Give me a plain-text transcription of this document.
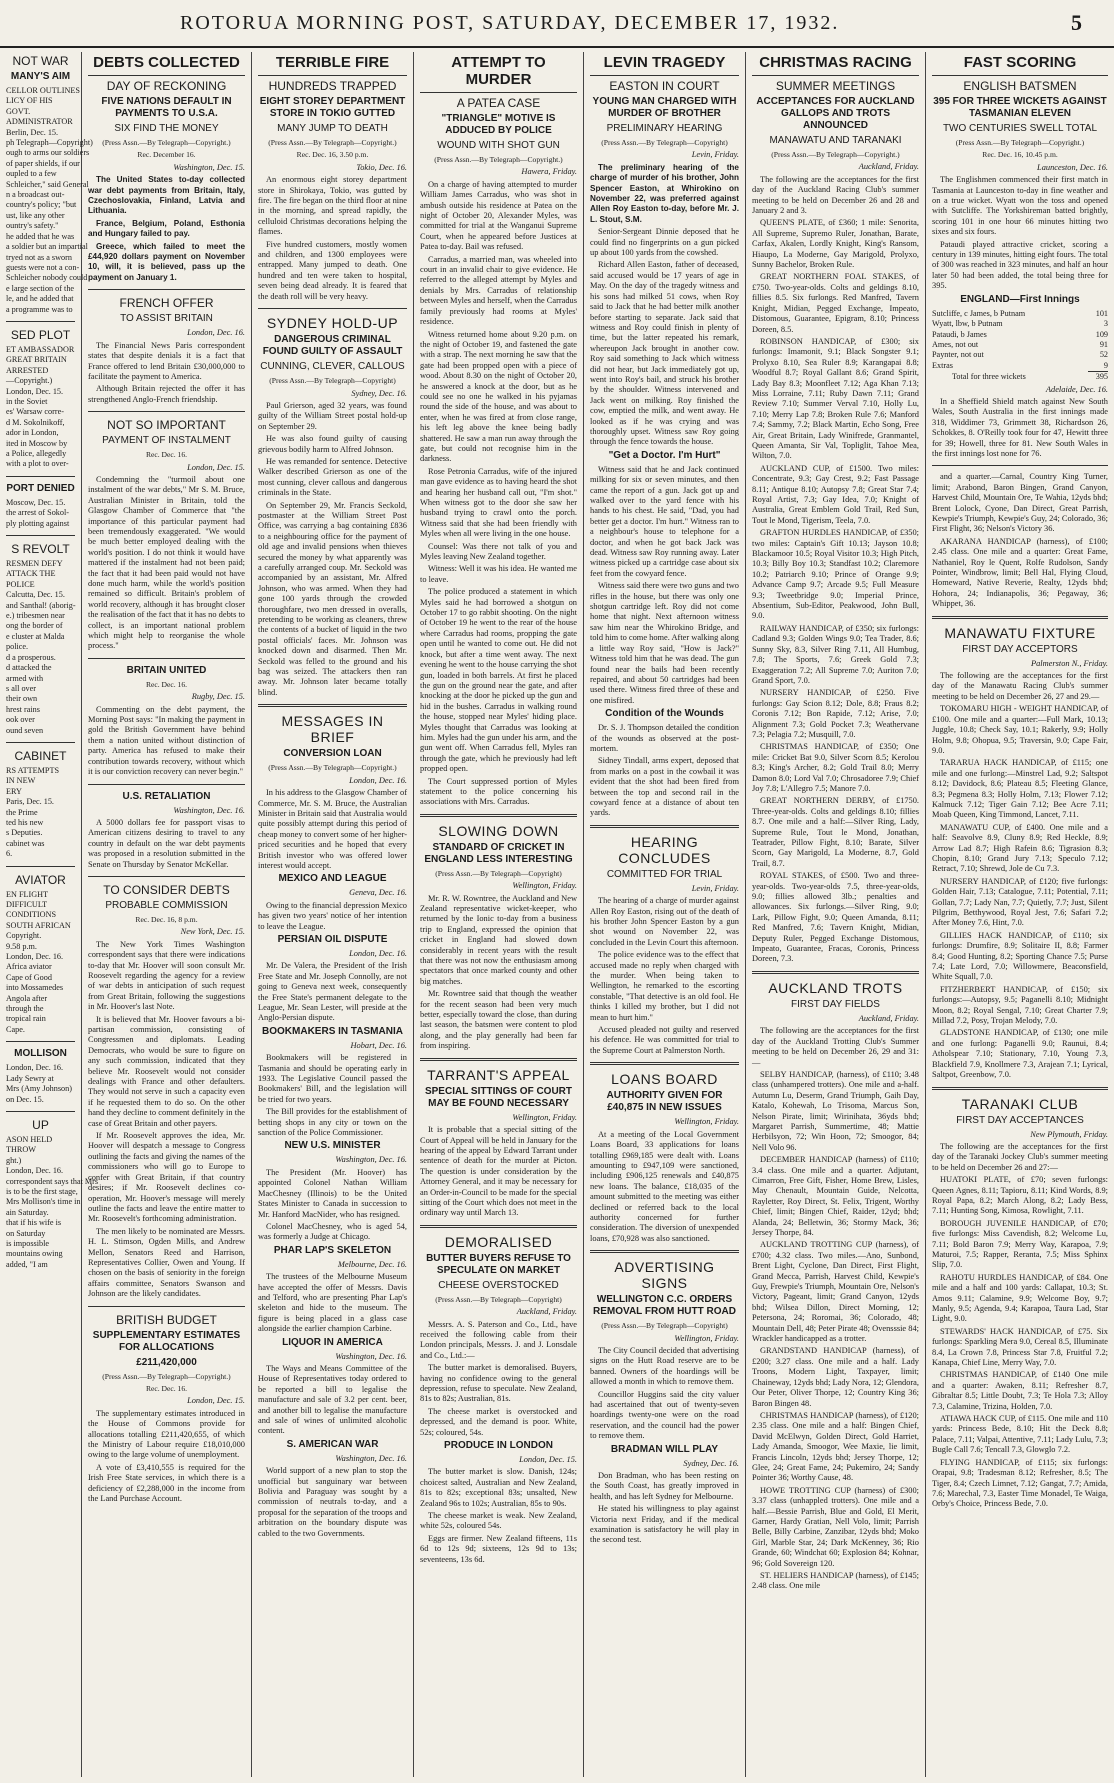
ROTORUA MORNING POST, SATURDAY, DECEMBER 17, 1932.	5
NOT WAR
MANY'S AIM
CELLOR OUTLINES
LICY OF HIS
GOVT.
ADMINISTRATOR
Berlin, Dec. 15.
ph Telegraph—Copyright)
ough to arms our soldiers
of paper shields, if our
oupled to a few
Schleicher," said General
n a broadcast out-
country's policy; "but
ust, like any other
ountry's safety."
he added that he was
a soldier but an impartial
tryed not as a sworn
guests were not a con-
Schleicher nobody could
e large section of the
le, and he added that
a programme was to
SED PLOT
ET AMBASSADOR
GREAT BRITAIN
ARRESTED
—Copyright.)
London, Dec. 15.
in the Soviet
es' Warsaw corre-
d M. Sokolnikoff,
ador in London,
ited in Moscow by
a Police, allegedly
with a plot to over-
PORT DENIED
Moscow, Dec. 15.
the arrest of Sokol-
ply plotting against
S REVOLT
RESMEN DEFY
ATTACK THE
POLICE
Calcutta, Dec. 15.
and Santhal! (aborig-
e.) tribesmen near
ong the border of
e cluster at Malda
police.
d a prosperous.
d attacked the
armed with
s all over
their own
hrest rains
ook over
ound seven
CABINET
RS ATTEMPTS
IN NEW
ERY
Paris, Dec. 15.
the Prime
ted his new
s Deputies.
cabinet was
6.
AVIATOR
EN FLIGHT
DIFFICULT
CONDITIONS
SOUTH AFRICAN
Copyright.
9.58 p.m.
London, Dec. 16.
Africa aviator
Cape of Good
into Mossamedes
Angola after
through the
tropical rain
Cape.
MOLLISON
London, Dec. 16.
Lady Sewry at
Mrs (Amy Johnson)
on Dec. 15.
UP
ASON HELD
THROW
ght.)
London, Dec. 16.
correspondent says that Mrs
is to be the first stage,
Mrs Mollison's time in
ain Saturday.
that if his wife is
on Saturday
is impossible
mountains owing
added, "I am
DEBTS COLLECTED
DAY OF RECKONING
FIVE NATIONS DEFAULT IN PAYMENTS TO U.S.A.
SIX FIND THE MONEY
(Press Assn.—By Telegraph—Copyright.)
Rec. December 16.
Washington, Dec. 15.

The United States to-day collected war debt payments from Britain, Italy, Czechoslovakia, Finland, Latvia and Lithuania.

France, Belgium, Poland, Esthonia and Hungary failed to pay.

Greece, which failed to meet the £44,920 dollars payment on November 10, will, it is believed, pass up the payment on January 1.

FRENCH OFFER
TO ASSIST BRITAIN
London, Dec. 16.

The Financial News Paris correspondent states that despite denials it is a fact that France offered to lend Britain £30,000,000 to facilitate the payment to America.

Although Britain rejected the offer it has strengthened Anglo-French friendship.

NOT SO IMPORTANT
PAYMENT OF INSTALMENT
Rec. Dec. 16.
London, Dec. 15.

Condemning the "turmoil about one instalment of the war debts," Mr S. M. Bruce, Australian Minister in Britain, told the Glasgow Chamber of Commerce that "the importance of this particular payment had been tremendously exaggerated. "We would be much better employed dealing with the world's position. I do not think it would have mattered if the instalment had not been paid; the fact that it had been paid would not have done much harm, while the world's position remained so difficult. Britain's problem of world recovery, although it has brought closer the realisation of the fact that it has no debts to collect, is an important national problem which might help to reorganise the whole process."

BRITAIN UNITED
Rec. Dec. 16.
Rugby, Dec. 15.

Commenting on the debt payment, the Morning Post says: "In making the payment in gold the British Government have behind them a nation united without distinction of party. America has refused to make their contribution towards recovery, without which it is our conviction recovery can never begin."

U.S. RETALIATION
Washington, Dec. 16.

A 5000 dollars fee for passport visas to American citizens desiring to travel to any country in default on the war debt payments was proposed in a resolution submitted in the Senate on Thursday by Senator McKellar.

TO CONSIDER DEBTS
PROBABLE COMMISSION
Rec. Dec. 16, 8 p.m.
New York, Dec. 15.

The New York Times Washington correspondent says that there were indications to-day that Mr. Hoover will soon consult Mr. Roosevelt regarding the agency for a review of war debts in anticipation of such request from Great Britain, following the suggestions in Mr. Hoover's last Note.

It is believed that Mr. Hoover favours a bi-partisan commission, consisting of Congressmen and diplomats. Leading Democrats, who would be sure to figure on any such commission, indicated that they believe Mr. Roosevelt would not consider dealings with France and other defaulters. They would not serve in such a capacity even if he requested them to do so. On the other hand they decline to comment definitely in the case of Great Britain and other payers.

If Mr. Roosevelt approves the idea, Mr. Hoover will despatch a message to Congress outlining the facts and giving the names of the commissioners who will go to Europe to confer with Great Britain, if that country desires; if Mr. Roosevelt declines co-operation, Mr. Hoover's message will merely outline the facts and leave the entire matter to Mr. Roosevelt's forthcoming administration.

The men likely to be nominated are Messrs. H. L. Stimson, Ogden Mills, and Andrew Mellon, Senators Reed and Harrison, Representatives Collier, Owen and Young. If chosen on the basis of seniority in the foreign affairs committee, Senators Swanson and Johnson are the likely candidates.

BRITISH BUDGET
SUPPLEMENTARY ESTIMATES FOR ALLOCATIONS
£211,420,000
(Press Assn.—By Telegraph—Copyright.)
Rec. Dec. 16.
London, Dec. 15.

The supplementary estimates introduced in the House of Commons provide for allocations totalling £211,420,655, of which the Ministry of Labour require £18,010,000 owing to the large volume of unemployment.

A vote of £3,410,555 is required for the Irish Free State services, in which there is a deficiency of £2,288,000 in the income from the Land Purchase Account.

TERRIBLE FIRE
HUNDREDS TRAPPED
EIGHT STOREY DEPARTMENT STORE IN TOKIO GUTTED
MANY JUMP TO DEATH
(Press Assn.—By Telegraph—Copyright.)
Rec. Dec. 16, 3.50 p.m.
Tokio, Dec. 16.

An enormous eight storey department store in Shirokaya, Tokio, was gutted by fire. The fire began on the third floor at nine in the morning, and spread rapidly, the celluloid Christmas decorations helping the flames.

Five hundred customers, mostly women and children, and 1300 employees were entrapped. Many jumped to death. One hundred and ten were taken to hospital, seven being dead already. It is feared that the death roll will be very heavy.

SYDNEY HOLD-UP
DANGEROUS CRIMINAL FOUND GUILTY OF ASSAULT
CUNNING, CLEVER, CALLOUS
(Press Assn.—By Telegraph—Copyright)
Sydney, Dec. 16.

Paul Grierson, aged 32 years, was found guilty of the William Street postal hold-up on September 29.

He was also found guilty of causing grievous bodily harm to Alfred Johnson.

He was remanded for sentence. Detective Walker described Grierson as one of the most cunning, clever callous and dangerous criminals in the State.

On September 29, Mr. Francis Seckold, postmaster at the William Street Post Office, was carrying a bag containing £836 to a neighbouring office for the payment of old age and invalid pensions when thieves secured the money by what apparently was a carefully arranged coup. Mr. Seckold was accompanied by an assistant, Mr. Alfred Johnson, who was armed. When they had gone 100 yards through the crowded thoroughfare, two men dressed in overalls, pretending to be working as cleaners, threw the contents of a bucket of liquid in the two postal officials' faces. Mr. Johnson was knocked down and disarmed. Then Mr. Seckold was felled to the ground and his bag was seized. The attackers then ran away. Mr. Johnson later became totally blind.

MESSAGES IN BRIEF
CONVERSION LOAN
(Press Assn.—By Telegraph—Copyright.)
London, Dec. 16.

In his address to the Glasgow Chamber of Commerce, Mr. S. M. Bruce, the Australian Minister in Britain said that Australia would quite possibly attempt during this period of cheap money to convert some of her higher-priced securities and he hoped that every British investor who was offered lower interest would accept.

MEXICO AND LEAGUE
Geneva, Dec. 16.

Owing to the financial depression Mexico has given two years' notice of her intention to leave the League.

PERSIAN OIL DISPUTE
London, Dec. 16.

Mr. De Valera, the President of the Irish Free State and Mr. Joseph Connolly, are not going to Geneva next week, consequently the Free State's permanent delegate to the League, Mr. Sean Lester, will preside at the Anglo-Persian dispute.

BOOKMAKERS IN TASMANIA
Hobart, Dec. 16.

Bookmakers will be registered in Tasmania and should be operating early in 1933. The Legislative Council passed the Bookmakers' Bill, and the legislation will be tried for two years.

The Bill provides for the establishment of betting shops in any city or town on the sanction of the Police Commissioner.

NEW U.S. MINISTER
Washington, Dec. 16.

The President (Mr. Hoover) has appointed Colonel Nathan William MacChesney (Illinois) to be the United States Minister to Canada in succession to Mr. Hanford MacNider, who has resigned.

Colonel MacChesney, who is aged 54, was formerly a Judge at Chicago.

PHAR LAP'S SKELETON
Melbourne, Dec. 16.

The trustees of the Melbourne Museum have accepted the offer of Messrs. Davis and Telford, who are presenting Phar Lap's skeleton and hide to the museum. The figure is being placed in a glass case alongside the earlier champion Carbine.

LIQUOR IN AMERICA
Washington, Dec. 16.

The Ways and Means Committee of the House of Representatives today ordered to be reported a bill to legalise the manufacture and sale of 3.2 per cent. beer, and another bill to legalise the manufacture and sale of wines of unlimited alcoholic content.

S. AMERICAN WAR
Washington, Dec. 16.

World support of a new plan to stop the unofficial but sanguinary war between Bolivia and Paraguay was sought by a commission of neutrals to-day, and a proposal for the separation of the troops and arbitration on the boundary dispute was cabled to the two Governments.

ATTEMPT TO MURDER
A PATEA CASE
"TRIANGLE" MOTIVE IS ADDUCED BY POLICE
WOUND WITH SHOT GUN
(Press Assn.—By Telegraph—Copyright.)
Hawera, Friday.

On a charge of having attempted to murder William James Carradus, who was shot in ambush outside his residence at Patea on the night of October 20, Alexander Myles, was committed for trial at the Wanganui Supreme Court, when he appeared before Justices at Patea to-day. Bail was refused.

Carradus, a married man, was wheeled into court in an invalid chair to give evidence. He referred to the alleged attempt by Myles and denials by Mrs. Carradus of relationship between Myles and herself, when the Carradus family previously had rooms at Myles' residence.

Witness returned home about 9.20 p.m. on the night of October 19, and fastened the gate with a strap. The next morning he saw that the gate had been propped open with a piece of wood. About 8.30 on the night of October 20, he answered a knock at the door, but as he could see no one he walked in his pyjamas round the side of the house, and was about to enter, when he was fired at from close range, his left leg above the knee being badly shattered. He saw a man run away through the gate, but could not recognise him in the darkness.

Rose Petronia Carradus, wife of the injured man gave evidence as to having heard the shot and hearing her husband call out, "I'm shot." When witness got to the door she saw her husband trying to crawl onto the porch. Witness said that she had been friendly with Myles when all were living in the one house.

Counsel: Was there not talk of you and Myles leaving New Zealand together.

Witness: Well it was his idea. He wanted me to leave.

The police produced a statement in which Myles said he had borrowed a shotgun on October 17 to go rabbit shooting. On the night of October 19 he went to the rear of the house where Carradus had rooms, propping the gate open until he wanted to come out. He did not knock, but after a time went away. The next evening he went to the house carrying the shot gun, loaded in both barrels. At first he placed the gun on the ground near the gate, and after knocking at the door he picked up the gun and hid in the bushes. Carradus in walking round the house, stopped near Myles' hiding place. Myles thought that Carradus was looking at him. Myles had the gun under his arm, and the gun went off. When Carradus fell, Myles ran through the gate, which he previously had left propped open.

The Court suppressed portion of Myles statement to the police concerning his associations with Mrs. Carradus.

SLOWING DOWN
STANDARD OF CRICKET IN ENGLAND LESS INTERESTING
(Press Assn.—By Telegraph—Copyright)
Wellington, Friday.

Mr. R. W. Rowntree, the Auckland and New Zealand representative wicket-keeper, who returned by the Ionic to-day from a business trip to England, expressed the opinion that cricket in England had slowed down considerably in recent years with the result that there was not now the enthusiasm among spectators that once marked county and other big matches.

Mr. Rowntree said that though the weather for the recent season had been very much better, especially toward the close, than during last season, the batsmen were content to plod along, and the play generally had been far from inspiring.

TARRANT'S APPEAL
SPECIAL SITTINGS OF COURT MAY BE FOUND NECESSARY
Wellington, Friday.

It is probable that a special sitting of the Court of Appeal will be held in January for the hearing of the appeal by Edward Tarrant under sentence of death for the murder at Picton. The question is under consideration by the Attorney General, and it may be necessary for an Order-in-Council to be made for the special sitting of the Court which does not meet in the ordinary way until March 13.

DEMORALISED
BUTTER BUYERS REFUSE TO SPECULATE ON MARKET
CHEESE OVERSTOCKED
(Press Assn.—By Telegraph—Copyright)
Auckland, Friday.

Messrs. A. S. Paterson and Co., Ltd., have received the following cable from their London principals, Messrs. J. and J. Lonsdale and Co., Ltd.:—

The butter market is demoralised. Buyers, having no confidence owing to the general depression, refuse to speculate. New Zealand, 81s to 82s; Australian, 81s.

The cheese market is overstocked and depressed, and the demand is poor. White, 52s; coloured, 54s.

PRODUCE IN LONDON
London, Dec. 15.

The butter market is slow. Danish, 124s; choicest salted, Australian and New Zealand, 81s to 82s; exceptional 83s; unsalted, New Zealand 96s to 102s; Australian, 85s to 90s.

The cheese market is weak. New Zealand, white 52s, coloured 54s.

Eggs are firmer. New Zealand fifteens, 11s 6d to 12s 9d; sixteens, 12s 9d to 13s; seventeens, 13s 6d.

LEVIN TRAGEDY
EASTON IN COURT
YOUNG MAN CHARGED WITH MURDER OF BROTHER
PRELIMINARY HEARING
(Press Assn.—By Telegraph—Copyright)
Levin, Friday.

The preliminary hearing of the charge of murder of his brother, John Spencer Easton, at Whirokino on November 22, was preferred against Allen Roy Easton to-day, before Mr. J. L. Stout, S.M.

Senior-Sergeant Dinnie deposed that he could find no fingerprints on a gun picked up about 100 yards from the cowshed.

Richard Allen Easton, father of deceased, said accused would be 17 years of age in May. On the day of the tragedy witness and his sons had milked 51 cows, when Roy said to Jack that he had better milk another before starting to separate. Jack said that witness and Roy could finish in plenty of time, but the latter repeated his remark, whereupon Jack brought in another cow. Roy said something to Jack which witness did not hear, but Jack immediately got up, went into Roy's bail, and struck his brother by the shoulder. Witness intervened and Jack went on milking. Roy finished the cow, emptied the milk, and went away. He looked as if he was crying and was thoroughly upset. Witness saw Roy going through the fence towards the house.

"Get a Doctor. I'm Hurt"

Witness said that he and Jack continued milking for six or seven minutes, and then came the report of a gun. Jack got up and walked over to the yard fence with his hands to his chest. He said, "Dad, you had better get a doctor. I'm hurt." Witness ran to a neighbour's house to telephone for a doctor, and when he got back Jack was dead. Witness saw Roy running away. Later witness picked up a cartridge case about six feet from the cowyard fence.

Witness said there were two guns and two rifles in the house, but there was only one shotgun cartridge left. Roy did not come home that night. Next afternoon witness saw him near the Whirokino Bridge, and told him to come home. After walking along a little way Roy said, "How is Jack?" Witness told him that he was dead. The gun found near the bails had been recently repaired, and about 50 cartridges had been used there. Witness fired three of these and one misfired.

Condition of the Wounds

Dr. S. J. Thompson detailed the condition of the wounds as observed at the post-mortem.

Sidney Tindall, arms expert, deposed that from marks on a post in the cowbail it was evident that the shot had been fired from between the top and second rail in the cowyard fence at a distance of about ten yards.

HEARING CONCLUDES
COMMITTED FOR TRIAL
Levin, Friday.

The hearing of a charge of murder against Allen Roy Easton, rising out of the death of his brother John Spencer Easton by a gun shot wound on November 22, was concluded in the Levin Court this afternoon.

The police evidence was to the effect that accused made no reply when charged with the murder. When being taken to Wellington, he remarked to the escorting constable, "That detective is an old fool. He thinks I killed my brother, but I did not mean to hurt him."

Accused pleaded not guilty and reserved his defence. He was committed for trial to the Supreme Court at Palmerston North.

LOANS BOARD
AUTHORITY GIVEN FOR £40,875 IN NEW ISSUES
Wellington, Friday.

At a meeting of the Local Government Loans Board, 33 applications for loans totalling £969,185 were dealt with. Loans amounting to £947,109 were sanctioned, including £906,125 renewals and £40,875 new loans. The balance, £18,035 of the amount submitted to the meeting was either declined or referred back to the local authority concerned for further consideration. The diversion of unexpended loans, £70,928 was also sanctioned.

ADVERTISING SIGNS
WELLINGTON C.C. ORDERS REMOVAL FROM HUTT ROAD
(Press Assn.—By Telegraph—Copyright)
Wellington, Friday.

The City Council decided that advertising signs on the Hutt Road reserve are to be banned. Owners of the hoardings will be allowed a month in which to remove them.

Councillor Huggins said the city valuer had ascertained that out of twenty-seven hoardings twenty-one were on the road reservation, and the council had the power to remove them.

BRADMAN WILL PLAY
Sydney, Dec. 16.

Don Bradman, who has been resting on the South Coast, has greatly improved in health, and has left Sydney for Melbourne.

He stated his willingness to play against Victoria next Friday, and if the medical examination is satisfactory he will play in the second test.

CHRISTMAS RACING
SUMMER MEETINGS
ACCEPTANCES FOR AUCKLAND GALLOPS AND TROTS ANNOUNCED
MANAWATU AND TARANAKI
(Press Assn.—By Telegraph—Copyright.)
Auckland, Friday.

The following are the acceptances for the first day of the Auckland Racing Club's summer meeting to be held on December 26 and 28 and January 2 and 3.

QUEEN'S PLATE, of £360; 1 mile: Senorita, All Supreme, Supremo Ruler, Jonathan, Barate, Carfax, Akalen, Lordly Knight, King's Ransom, Hiaupo, La Moderne, Gay Marigold, Prolyxo, Sunny Bachelor, Broken Rule.

GREAT NORTHERN FOAL STAKES, of £750. Two-year-olds. Colts and geldings 8.10, fillies 8.5. Six furlongs. Red Manfred, Tavern Knight, Midian, Pegged Exchange, Impeato, Distomous, Guarantee, Epigram, 8.10; Princess Doreen, 8.5.

ROBINSON HANDICAP, of £300; six furlongs: Imamonit, 9.1; Black Songster 9.1; Prolyxo 8.10, Sea Ruler 8.9; Karangapai 8.8; Woodful 8.7; Royal Gallant 8.6; Grand Spirit, Lady Bay 8.3; Moonfleet 7.12; Aga Khan 7.13; Miss Lorraine, 7.11; Ruby Dawn 7.11; Grand Review 7.10; Summer Verval 7.10, Holly Lu, 7.10; Merry Lap 7.8; Broken Rule 7.6; Manford 7.4; Sammy, 7.2; Black Martin, Echo Song, Free Air, Great Britain, Lady Winifrede, Granmantel, Queen Amanta, Sir Val, Topliglit, Tahoe Mea, Wilton, 7.0.

AUCKLAND CUP, of £1500. Two miles: Concentrate, 9.3; Gay Crest, 9.2; Fast Passage 8.11; Antique 8.10; Autopsy 7.8; Great Star 7.4; Royal Artist, 7.3; Gay Idea, 7.0; Knight of Australia, Great Emblem Gold Trail, Red Sun, Tout le Mond, Tigerism, Teela, 7.0.

GRAFTON HURDLES HANDICAP, of £350; two miles: Captain's Gift 10.13; Jayson 10.8; Blackamoor 10.5; Royal Visitor 10.3; High Pitch, 10.3; Billy Boy 10.3; Standfast 10.2; Claremore 10.2; Patriarch 9.10; Prince of Orange 9.9; Advance Camp 9.7; Arcade 9.5; Full Measure 9.3; Tweetbridge 9.0; Imperial Prince, Absentium, Sub-Editor, Peakwood, John Bull, 9.0.

RAILWAY HANDICAP, of £350; six furlongs: Cadland 9.3; Golden Wings 9.0; Tea Trader, 8.6; Sunny Sky, 8.3, Silver Ring 7.11, All Humbug, 7.8; The Sports, 7.6; Greek Gold 7.3; Exaggeration 7.2; All Supreme 7.0; Auriton 7.0; Grand Sport, 7.0.

NURSERY HANDICAP, of £250. Five furlongs: Gay Scion 8.12; Dole, 8.8; Fraus 8.2; Coronis 7.12; Bon Rapide, 7.12; Arise, 7.0; Alignment 7.3; Gold Pocket 7.3; Weathervane 7.3; Pelagia 7.2; Musquill, 7.0.

CHRISTMAS HANDICAP, of £350; One mile: Cricket Bat 9.0, Silver Scorn 8.5; Kerolou 8.3; King's Archer, 8.2; Gold Trail 8.0; Merry Damon 8.0; Lord Val 7.0; Chrosadoree 7.9; Chief Joy 7.8; L'Allegro 7.5; Manore 7.0.

GREAT NORTHERN DERBY, of £1750. Three-year-olds. Colts and geldings 8.10; fillies 8.7. One mile and a half:—Silver Ring, Lady, Supreme Rule, Tout le Mond, Jonathan, Teatrader, Pillow Fight, 8.10; Barate, Silver Scorn, Gay Marigold, La Moderne, 8.7, Gold Trail, 8.7.

ROYAL STAKES, of £500. Two and three-year-olds. Two-year-olds 7.5, three-year-olds, 9.0; fillies allowed 3lb.; penalties and allowances. Six furlongs.—Silver Ring, 9.0; Lark, Pillow Fight, 9.0; Queen Amanda, 8.11; Red Manfred, 7.6; Tavern Knight, Midian, Deputy Ruler, Pegged Exchange Distomous, Impeato, Guarantee, Fracas, Coronis, Princess Doreen, 7.3.

AUCKLAND TROTS
FIRST DAY FIELDS
Auckland, Friday.

The following are the acceptances for the first day of the Auckland Trotting Club's Summer meeting to be held on December 26, 29 and 31:—

SELBY HANDICAP, (harness), of £110; 3.48 class (unhampered trotters). One mile and a-half. Autumn Lu, Deserm, Grand Triumph, Gaih Day, Katalo, Kohewah, Lo Trisoma, Marcus Son, Nelson Pirate, limit; Wirinihata, 36yds bhd; Margaret Parrish, Summertime, 48; Mattie Herbilsyon, 72; Win Hoon, 72; Smoogor, 84; Nell Volo 96.

DECEMBER HANDICAP (harness) of £110; 3.4 class. One mile and a quarter. Adjutant, Cimarron, Free Gift, Fisher, Home Brew, Lisles, May Chenault, Mountain Guide, Nelcotta, Rayletter, Roy Direct, St. Felix, Trigent, Worthy Chief, limit; Bingen Chief, Raider, 12yd; bhd; Alanda, 24; Belletwin, 36; Stormy Mack, 36; Jersey Thorpe, 84.

AUCKLAND TROTTING CUP (harness), of £700; 4.32 class. Two miles.—Ano, Sunbond, Brent Light, Cyclone, Dan Direct, First Flight, Grand Mecca, Parrish, Harvest Child, Kewpie's Guy, Frewpie's Triumph, Mountain Ore, Nelson's Victory, Pageant, limit; Grand Canyon, 12yds bhd; Wilsea Dillon, Direct Morning, 12; Petersona, 24; Roromai, 36; Colorado, 48; Mountain Dell, 48; Peter Pirate 48; Ovensssie 84; Wrackler handicapped as a trotter.

GRANDSTAND HANDICAP (harness), of £200; 3.27 class. One mile and a half. Lady Troons, Modern Light, Taxpayer, limit; Chaineway, 12yds bhd; Lady Nora, 12; Glendora, Our Peter, Oliver Thorpe, 12; Country King 36; Baron Bingen 48.

CHRISTMAS HANDICAP (harness), of £120; 2.35 class. One mile and a half: Bingen Chief, David McElwyn, Golden Direct, Gold Harriet, Lady Amanda, Smoogor, Wee Maxie, lie limit, Francis Lincoln, 12yds bhd; Jersey Thorpe, 12; Glee, 24; Great Fame, 24; Pukemiro, 24; Sandy Pointer 36; Worthy Cause, 48.

HOWE TROTTING CUP (harness) of £300; 3.37 class (unhappled trotters). One mile and a half.—Bessie Parrish, Blue and Gold, El Merit, Garner, Hardy Gratian, Nell Volo, limit; Parrish Belle, Billy Carbine, Zanzibar, 12yds bhd; Moko Girl, Marble Star, 24; Dark McKenney, 36; Rio Grande, 60; Windchat 60; Explosion 84; Kohnar, 96; Gold Sovereign 120.

ST. HELIERS HANDICAP (harness), of £145; 2.48 class. One mile

FAST SCORING
ENGLISH BATSMEN
395 FOR THREE WICKETS AGAINST TASMANIAN ELEVEN
TWO CENTURIES SWELL TOTAL
(Press Assn.—By Telegraph—Copyright.)
Rec. Dec. 16, 10.45 p.m.
Launceston, Dec. 16.

The Englishmen commenced their first match in Tasmania at Launceston to-day in fine weather and on a true wicket. Wyatt won the toss and opened with Sutcliffe. The Yorkshireman batted brightly, scoring 101 in one hour 66 minutes hitting two sixes and six fours.

Pataudi played attractive cricket, scoring a century in 139 minutes, hitting eight fours. The total of 300 was reached in 323 minutes, and half an hour later 50 had been added, the total being three for 395.

ENGLAND—First Innings
Sutcliffe, c James, b Putnam	101
Wyatt, lbw, b Putnam	3
Pataudi, b James	109
Ames, not out	91
Paynter, not out	52
Extras	9
Total for three wickets	395
Adelaide, Dec. 16.

In a Sheffield Shield match against New South Wales, South Australia in the first innings made 318, Widdimer 73, Grimmett 38, Richardson 26, Schokkes, 8. O'Reilly took four for 47, Hewitt three for 39; Howell, three for 81. New South Wales in the first innings lost none for 76.

and a quarter.—Carnal, Country King Turner, limit; Arabond, Baron Bingen, Grand Canyon, Harvest Child, Mountain Ore, Te Wahia, 12yds bhd; Brent Lolock, Cyone, Dan Direct, Great Parrish, Kewpie's Triumph, Kewpie's Guy, 24; Colorado, 36; First Flight, 36; Nelson's Victory 36.

AKARANA HANDICAP (harness), of £100; 2.45 class. One mile and a quarter: Great Fame, Nathaniel, Roy le Quent, Rolfe Rudolson, Sandy Pointer, Windbrow, limit; Bell Hal, Flying Cloud, Homeward, Native Reverie, Realty, 12yds bhd; Hohora, 24; Indianapolis, 36; Pegaway, 36; Whippet, 36.

MANAWATU FIXTURE
FIRST DAY ACCEPTORS
Palmerston N., Friday.

The following are the acceptances for the first day of the Manawatu Racing Club's summer meeting to be held on December 26, 27 and 29.—

TOKOMARU HIGH - WEIGHT HANDICAP, of £100. One mile and a quarter:—Full Mark, 10.13; Juggle, 10.8; Check Say, 10.1; Rakerly, 9.9; Holly Holm, 9.8; Ohopua, 9.5; Traversin, 9.0; Cape Fair, 9.0.

TARARUA HACK HANDICAP, of £115; one mile and one furlong:—Minstrel Lad, 9.2; Saltspot 8.12; Davidock, 8.6; Plateau 8.5; Fleeting Glance, 8.3; Pegmena 8.3; Holly Holm, 7.13; Flower 7.12; Kalmuck 7.12; Tiger Gain 7.12; Bee Acre 7.11; Moab Queen, King Timmond, Lancet, 7.11.

MANAWATU CUP, of £400. One mile and a half: Seavolve 8.9, Cluny 8.9; Red Heckle, 8.9; Arrow Lad 8.7; High Rafein 8.6; Tigrasion 8.3; Chopin, 8.10; Grand Jury 7.13; Speculo 7.12; Retract, 7.10; Shrewd, Jole de Cu 7.3.

NURSERY HANDICAP, of £120; five furlongs: Golden Hair, 7.13; Catalogue, 7.11; Potential, 7.11; Gollan, 7.7; Lady Nan, 7.7; Quietly, 7.7; Just, Silent Pilgrim, Betthywood, Royal Jest, 7.6; Safari 7.2; After Money 7.6, Hint, 7.0.

GILLIES HACK HANDICAP, of £110; six furlongs: Drumfire, 8.9; Solitaire II, 8.8; Farmer 8.4; Good Hunting, 8.2; Sporting Chance 7.5; Purse 7.4; Late Lord, 7.0; Willowmere, Beaconsfield, White Squall, 7.0.

FITZHERBERT HANDICAP, of £150; six furlongs:—Autopsy, 9.5; Paganelli 8.10; Midnight Moon, 8.2; Royal Sengal, 7.10; Great Charter 7.9; Millad 7.2, Posy, Trojan Melody, 7.0.

GLADSTONE HANDICAP, of £130; one mile and one furlong: Paganelli 9.0; Raunui, 8.4; Atholspear 7.10; Stationary, 7.10, Young 7.3, Blackfield 7.9, Knollmere 7.3, Arajean 7.1; Lyrical, Saltpot, Greenbow, 7.0.

TARANAKI CLUB
FIRST DAY ACCEPTANCES
New Plymouth, Friday.

The following are the acceptances for the first day of the Taranaki Jockey Club's summer meeting to be held on December 26 and 27:—

HUATOKI PLATE, of £70; seven furlongs: Queen Agnes, 8.11; Tapioru, 8.11; Kind Words, 8.9; Royal Papa, 8.2; March Along, 8.2; Lady Bess, 7.11; Hunting Song, Kimosa, Rowlight, 7.11.

BOROUGH JUVENILE HANDICAP, of £70; five furlongs: Miss Cavendish, 8.2; Welcome Lu, 7.11; Bold Baron 7.9; Merry Way, Karapoa, 7.9; Maturoi, 7.5; Rapper, Reranta, 7.5; Miss Sphinx Slip, 7.0.

RAHOTU HURDLES HANDICAP, of £84. One mile and a half and 100 yards: Callapat, 10.3; St. Amos 9.11; Calamine, 9.9; Welcome Boy, 9.7; Manly, 9.5; Agenda, 9.4; Karapoa, Taura Lad, Star Light, 9.0.

STEWARDS' HACK HANDICAP, of £75. Six furlongs: Sparkling Mera 9.0, Cereal 8.5, Illuminate 8.4, La Crown 7.8, Princess Star 7.8, Fruitful 7.2; Kanapa, Chief Line, Merry Way, 7.0.

CHRISTMAS HANDICAP, of £140 One mile and a quarter: Awaken, 8.11; Refresher 8.7, Gibraltar 8.5; Little Doubt, 7.3; Te Hola 7.3; Alloy 7.3, Calamine, Trizina, Holden, 7.0.

ATIAWA HACK CUP, of £115. One mile and 110 yards: Princess Bede, 8.10; Hit the Deck 8.8; Palace, 7.11; Valpai, Attentive, 7.11; Lady Lulu, 7.3; Bugle Call 7.6; Tencall 7.3, Glowglo 7.2.

FLYING HANDICAP, of £115; six furlongs: Orapai, 9.8; Tradesman 8.12; Refresher, 8.5; The Tiger, 8.4; Czech Limnet, 7.12; Gangat, 7.7; Amida, 7.6; Marechal, 7.3, Easter Time Monadel, Te Waiga, Orby's Choice, Princess Bede, 7.0.
